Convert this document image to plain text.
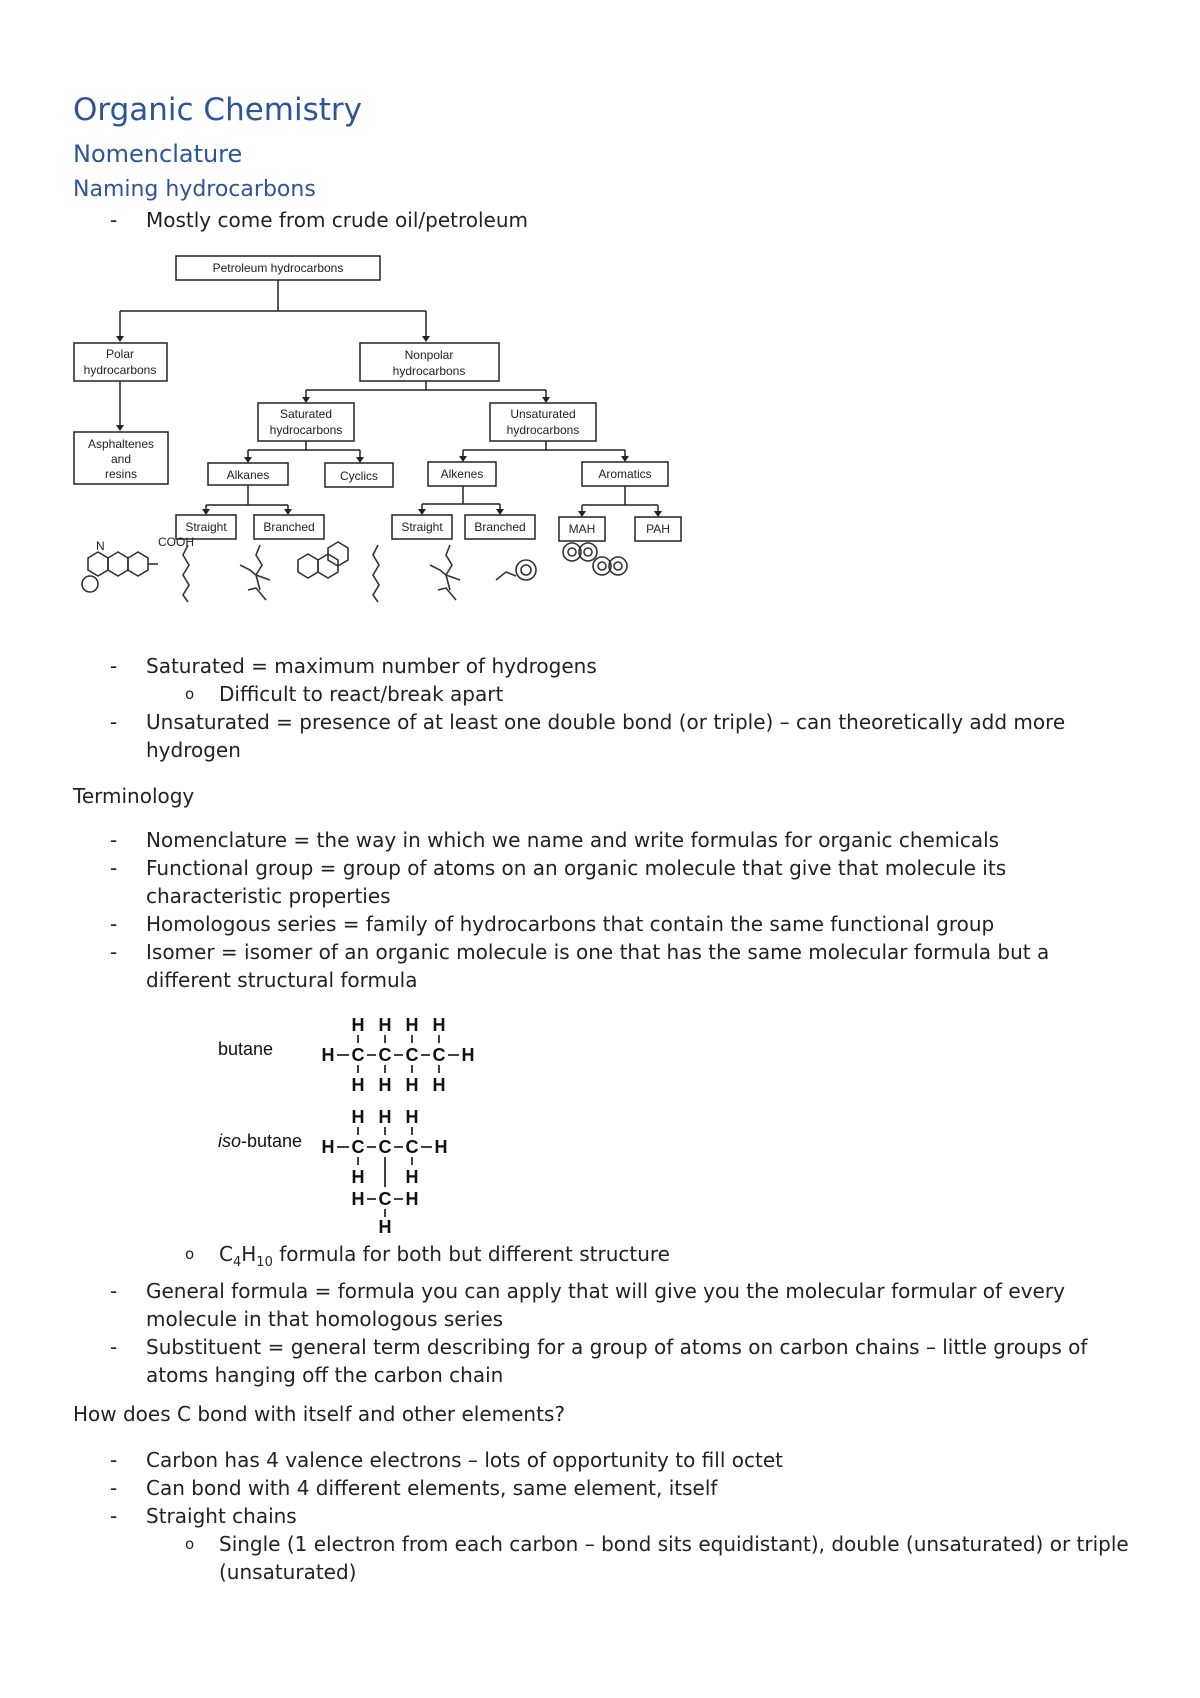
Organic Chemistry
Nomenclature
Naming hydrocarbons
- Mostly come from crude oil/petroleum
Petroleum hydrocarbons
Polar
hydrocarbons
Nonpolar
hydrocarbons
Asphaltenes
and
resins
Saturated
hydrocarbons
Unsaturated
hydrocarbons
Alkanes	Cyclics	Alkenes	Aromatics
Straight	Branched	Straight	Branched	MAH	PAH
N	COOH
- Saturated = maximum number of hydrogens
o Difficult to react/break apart
- Unsaturated = presence of at least one double bond (or triple) – can theoretically add more hydrogen
Terminology
- Nomenclature = the way in which we name and write formulas for organic chemicals
- Functional group = group of atoms on an organic molecule that give that molecule its characteristic properties
- Homologous series = family of hydrocarbons that contain the same functional group
- Isomer = isomer of an organic molecule is one that has the same molecular formula but a different structural formula
butane
H H H H
H C C C C H
H H H H
iso-butane
H H H
H C C C H
H H
H C H
H
o $C_4H_{10}$ formula for both but different structure
- General formula = formula you can apply that will give you the molecular formular of every molecule in that homologous series
- Substituent = general term describing for a group of atoms on carbon chains – little groups of atoms hanging off the carbon chain
How does C bond with itself and other elements?
- Carbon has 4 valence electrons – lots of opportunity to fill octet
- Can bond with 4 different elements, same element, itself
- Straight chains
o Single (1 electron from each carbon – bond sits equidistant), double (unsaturated) or triple (unsaturated)
